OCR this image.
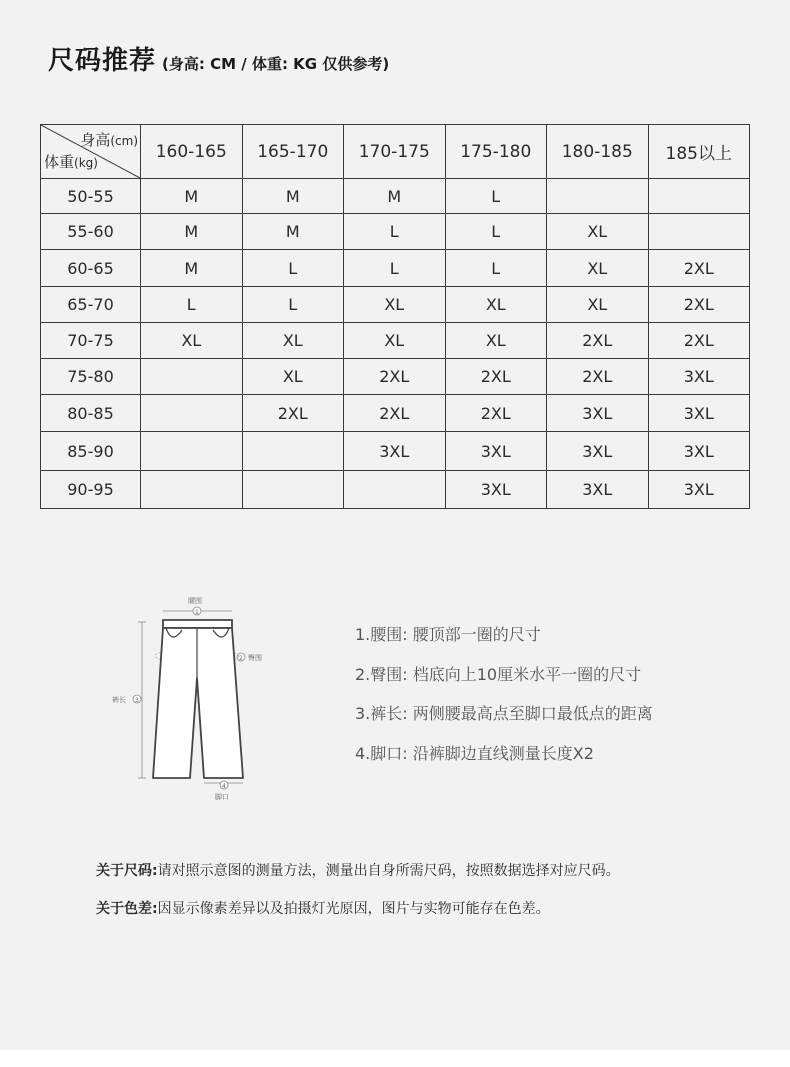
尺码推荐 (身高: CM / 体重: KG 仅供参考)
身高(cm)
体重(kg)	160-165	165-170	170-175	175-180	180-185	185以上
50-55	M	M	M	L		
55-60	M	M	L	L	XL	
60-65	M	L	L	L	XL	2XL
65-70	L	L	XL	XL	XL	2XL
70-75	XL	XL	XL	XL	2XL	2XL
75-80		XL	2XL	2XL	2XL	3XL
80-85		2XL	2XL	2XL	3XL	3XL
85-90			3XL	3XL	3XL	3XL
90-95				3XL	3XL	3XL
腰围
1
2 臀围
裤长 3
4
脚口
1.腰围: 腰顶部一圈的尺寸
2.臀围: 档底向上10厘米水平一圈的尺寸
3.裤长: 两侧腰最高点至脚口最低点的距离
4.脚口: 沿裤脚边直线测量长度X2
关于尺码:请对照示意图的测量方法，测量出自身所需尺码，按照数据选择对应尺码。
关于色差:因显示像素差异以及拍摄灯光原因，图片与实物可能存在色差。
